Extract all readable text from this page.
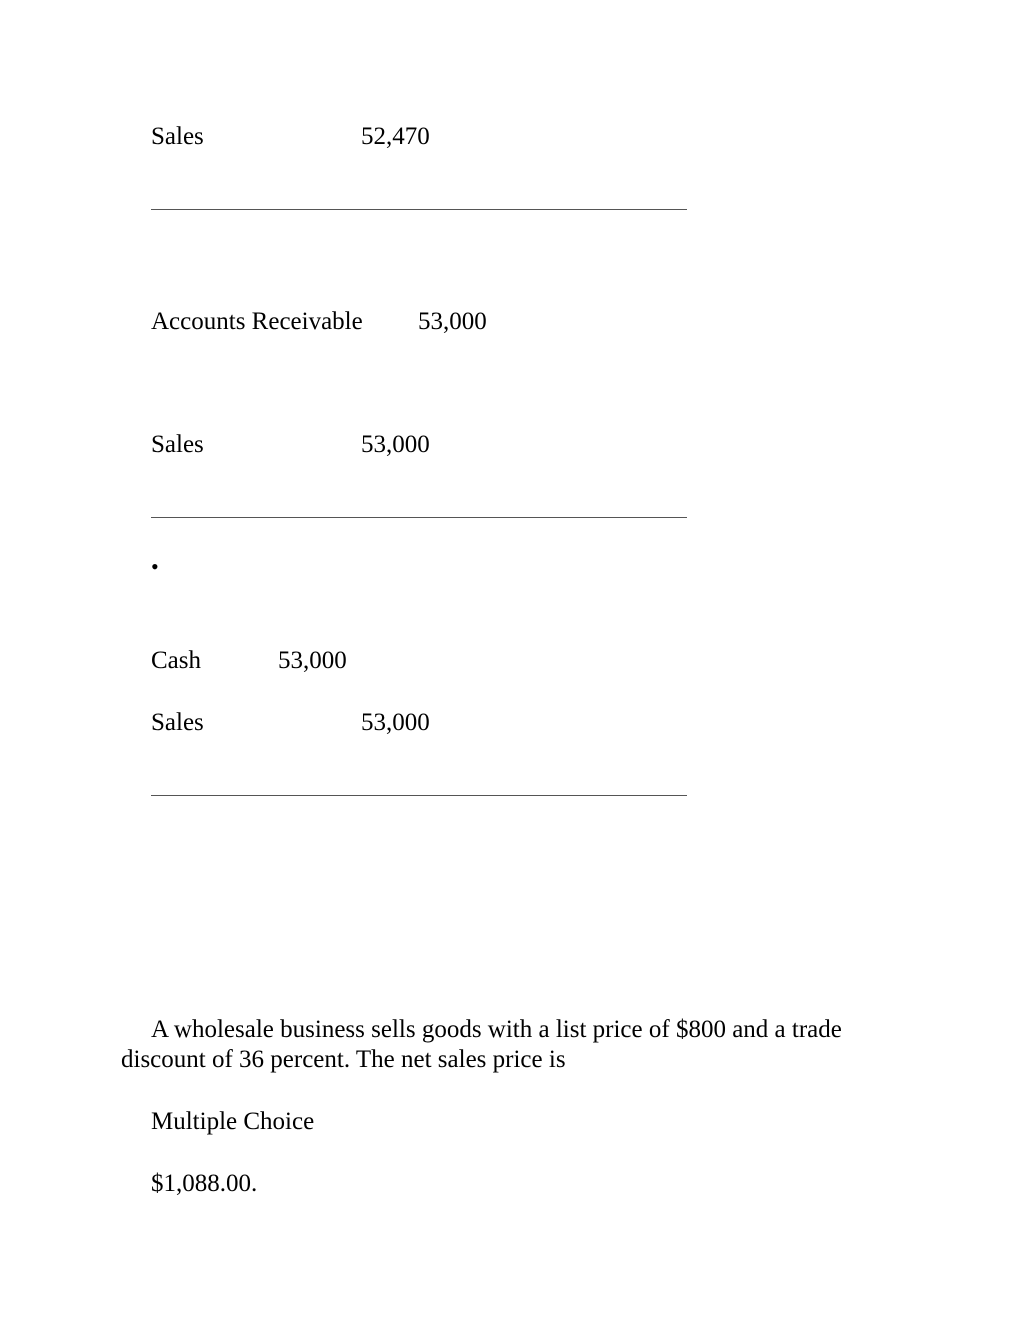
Sales	52,470
Accounts Receivable 53,000
Sales	53,000
•
Cash	53,000
Sales	53,000
A wholesale business sells goods with a list price of $800 and a trade discount of 36 percent. The net sales price is
Multiple Choice
$1,088.00.
